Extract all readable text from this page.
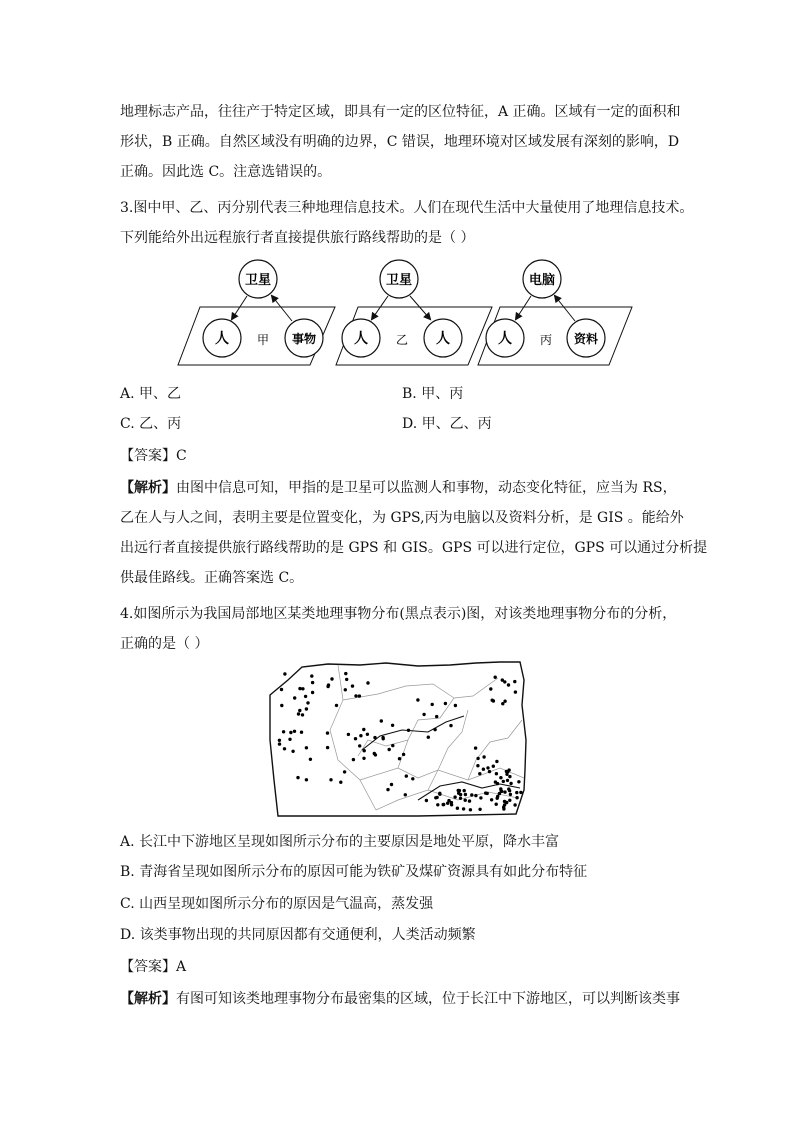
地理标志产品，往往产于特定区域，即具有一定的区位特征，A 正确。区域有一定的面积和
形状，B 正确。自然区域没有明确的边界，C 错误，地理环境对区域发展有深刻的影响，D
正确。因此选 C。注意选错误的。
3.图中甲、乙、丙分别代表三种地理信息技术。人们在现代生活中大量使用了地理信息技术。
下列能给外出远程旅行者直接提供旅行路线帮助的是（ ）
卫星
人	事物
甲
卫星
人	人
乙
电脑
人	资料
丙
A. 甲、乙	B. 甲、丙
C. 乙、丙	D. 甲、乙、丙
【答案】C
【解析】由图中信息可知，甲指的是卫星可以监测人和事物，动态变化特征，应当为 RS，
乙在人与人之间，表明主要是位置变化，为 GPS,丙为电脑以及资料分析，是 GIS 。能给外
出远行者直接提供旅行路线帮助的是 GPS 和 GIS。GPS 可以进行定位，GPS 可以通过分析提
供最佳路线。正确答案选 C。
4.如图所示为我国局部地区某类地理事物分布(黑点表示)图，对该类地理事物分布的分析，
正确的是（ ）
A. 长江中下游地区呈现如图所示分布的主要原因是地处平原，降水丰富
B. 青海省呈现如图所示分布的原因可能为铁矿及煤矿资源具有如此分布特征
C. 山西呈现如图所示分布的原因是气温高，蒸发强
D. 该类事物出现的共同原因都有交通便利，人类活动频繁
【答案】A
【解析】有图可知该类地理事物分布最密集的区域，位于长江中下游地区，可以判断该类事
